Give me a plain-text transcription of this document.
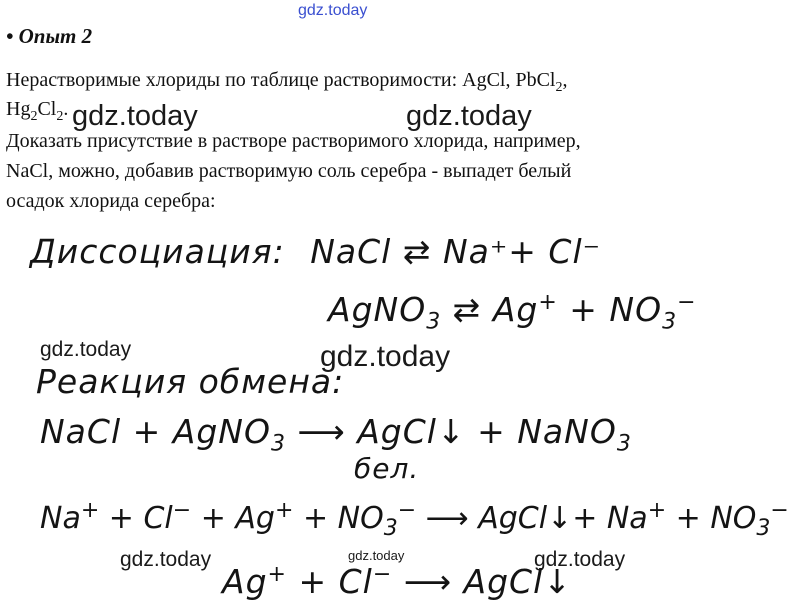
gdz.today
• Опыт 2
Нерастворимые хлориды по таблице растворимости: AgCl, PbCl$_2$,
$Hg_2Cl_2$.
Доказать присутствие в растворе растворимого хлорида, например,
NaCl, можно, добавив растворимую соль серебра - выпадет белый
осадок хлорида серебра:
gdz.today	gdz.today
Диссоциация: NaCl ⇄ Na⁺+ Cl⁻
AgNO$_3$ ⇄ $Ag^+ + NO_3^-$
gdz.today	gdz.today
Реакция обмена:
NaCl + AgNO$_3$ ⟶ AgCl↓ + NaNO$_3$
бел.
$Na^+ + Cl^- + Ag^+ + NO_3^-$ ⟶ AgCl↓+ $Na^+ + NO_3^-$
gdz.today	gdz.today	gdz.today
Ag+ + Cl− ⟶ AgCl↓
